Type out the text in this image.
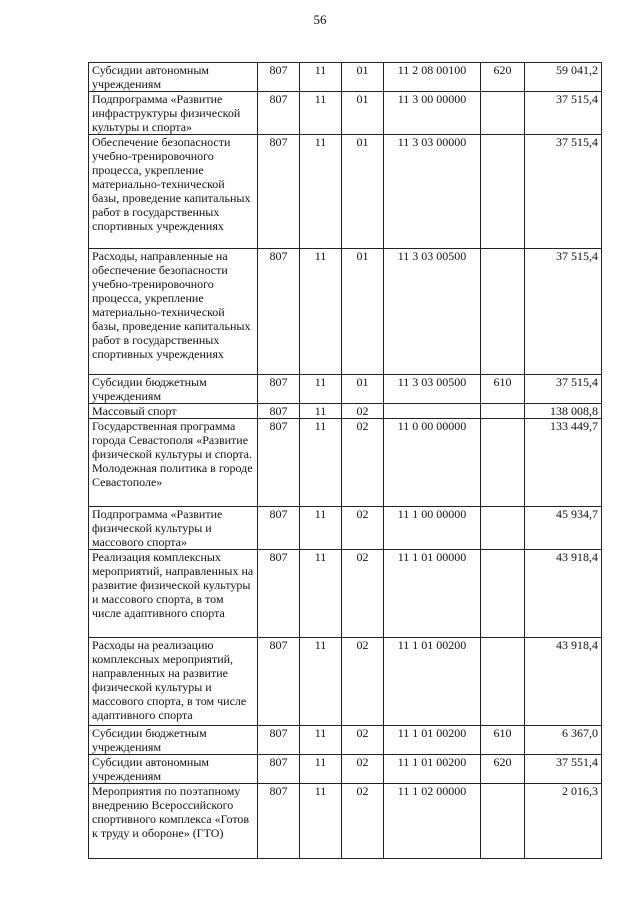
56
Субсидии автономным учреждениям	807	11	01	11 2 08 00100	620	59 041,2
Подпрограмма «Развитие инфраструктуры физической культуры и спорта»	807	11	01	11 3 00 00000		37 515,4
Обеспечение безопасности учебно-тренировочного процесса, укрепление материально-технической базы, проведение капитальных работ в государственных спортивных учреждениях	807	11	01	11 3 03 00000		37 515,4
Расходы, направленные на обеспечение безопасности учебно-тренировочного процесса, укрепление материально-технической базы, проведение капитальных работ в государственных спортивных учреждениях	807	11	01	11 3 03 00500		37 515,4
Субсидии бюджетным учреждениям	807	11	01	11 3 03 00500	610	37 515,4
Массовый спорт	807	11	02			138 008,8
Государственная программа города Севастополя «Развитие физической культуры и спорта. Молодежная политика в городе Севастополе»	807	11	02	11 0 00 00000		133 449,7
Подпрограмма «Развитие физической культуры и массового спорта»	807	11	02	11 1 00 00000		45 934,7
Реализация комплексных мероприятий, направленных на развитие физической культуры и массового спорта, в том числе адаптивного спорта	807	11	02	11 1 01 00000		43 918,4
Расходы на реализацию комплексных мероприятий, направленных на развитие физической культуры и массового спорта, в том числе адаптивного спорта	807	11	02	11 1 01 00200		43 918,4
Субсидии бюджетным учреждениям	807	11	02	11 1 01 00200	610	6 367,0
Субсидии автономным учреждениям	807	11	02	11 1 01 00200	620	37 551,4
Мероприятия по поэтапному внедрению Всероссийского спортивного комплекса «Готов к труду и обороне» (ГТО)	807	11	02	11 1 02 00000		2 016,3
